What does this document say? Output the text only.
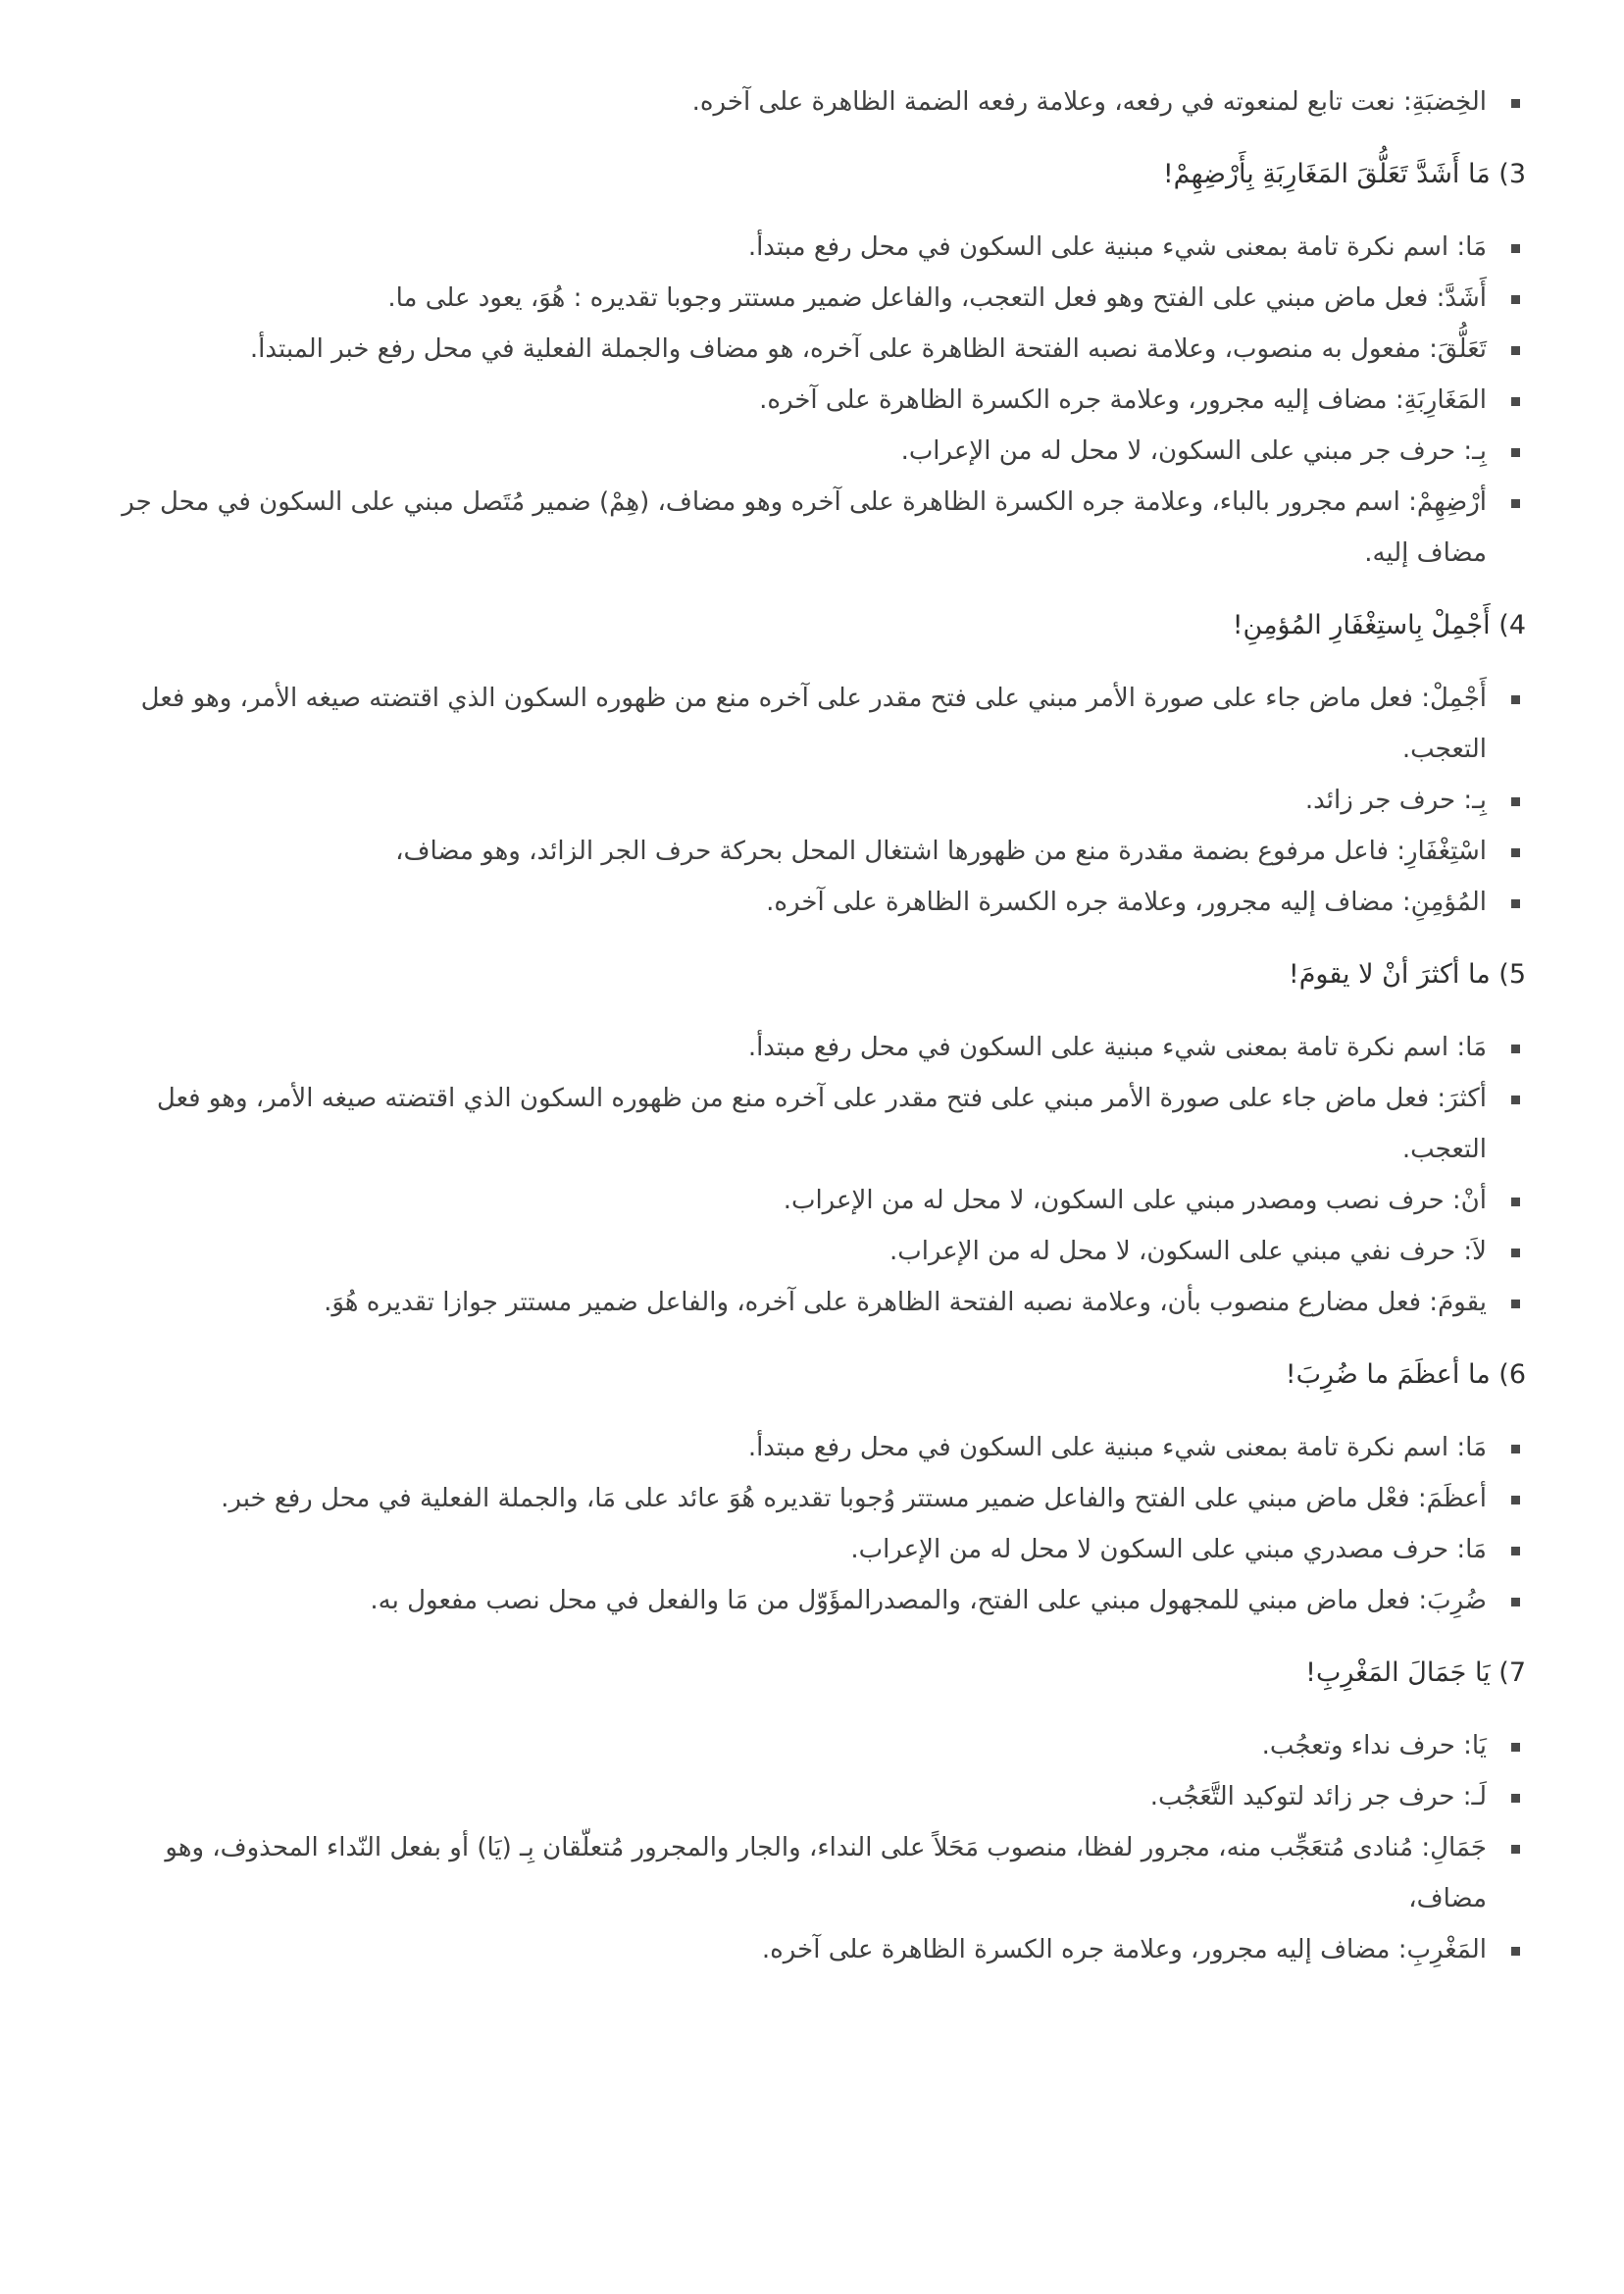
الخِضبَةِ: نعت تابع لمنعوته في رفعه، وعلامة رفعه الضمة الظاهرة على آخره.
3) مَا أَشَدَّ تَعَلُّقَ المَغَارِبَةِ بِأَرْضِهِمْ!
مَا: اسم نكرة تامة بمعنى شيء مبنية على السكون في محل رفع مبتدأ.
أَشَدَّ: فعل ماض مبني على الفتح وهو فعل التعجب، والفاعل ضمير مستتر وجوبا تقديره : هُوَ، يعود على ما.
تَعَلُّقَ: مفعول به منصوب، وعلامة نصبه الفتحة الظاهرة على آخره، هو مضاف والجملة الفعلية في محل رفع خبر المبتدأ.
المَغَارِبَةِ: مضاف إليه مجرور، وعلامة جره الكسرة الظاهرة على آخره.
بِـ: حرف جر مبني على السكون، لا محل له من الإعراب.
أرْضِهِمْ: اسم مجرور بالباء، وعلامة جره الكسرة الظاهرة على آخره وهو مضاف، (هِمْ) ضمير مُتَصل مبني على السكون في محل جر مضاف إليه.
4) أَجْمِلْ بِاستِغْفَارِ المُؤمِنِ!
أَجْمِلْ: فعل ماض جاء على صورة الأمر مبني على فتح مقدر على آخره منع من ظهوره السكون الذي اقتضته صيغه الأمر، وهو فعل التعجب.
بِـ: حرف جر زائد.
اسْتِغْفَارِ: فاعل مرفوع بضمة مقدرة منع من ظهورها اشتغال المحل بحركة حرف الجر الزائد، وهو مضاف،
المُؤمِنِ: مضاف إليه مجرور، وعلامة جره الكسرة الظاهرة على آخره.
5) ما أكثرَ أنْ لا يقومَ!
مَا: اسم نكرة تامة بمعنى شيء مبنية على السكون في محل رفع مبتدأ.
أكثرَ: فعل ماض جاء على صورة الأمر مبني على فتح مقدر على آخره منع من ظهوره السكون الذي اقتضته صيغه الأمر، وهو فعل التعجب.
أنْ: حرف نصب ومصدر مبني على السكون، لا محل له من الإعراب.
لاَ: حرف نفي مبني على السكون، لا محل له من الإعراب.
يقومَ: فعل مضارع منصوب بأن، وعلامة نصبه الفتحة الظاهرة على آخره، والفاعل ضمير مستتر جوازا تقديره هُوَ.
6) ما أعظَمَ ما ضُرِبَ!
مَا: اسم نكرة تامة بمعنى شيء مبنية على السكون في محل رفع مبتدأ.
أعظَمَ: فعْل ماض مبني على الفتح والفاعل ضمير مستتر وُجوبا تقديره هُوَ عائد على مَا، والجملة الفعلية في محل رفع خبر.
مَا: حرف مصدري مبني على السكون لا محل له من الإعراب.
ضُرِبَ: فعل ماض مبني للمجهول مبني على الفتح، والمصدرالمؤَوّل من مَا والفعل في محل نصب مفعول به.
7) يَا جَمَالَ المَغْرِبِ!
يَا: حرف نداء وتعجُب.
لَـ: حرف جر زائد لتوكيد التَّعَجُب.
جَمَالِ: مُنادى مُتعَجِّب منه، مجرور لفظا، منصوب مَحَلاً على النداء، والجار والمجرور مُتعلّقان بِـ (يَا) أو بفعل النّداء المحذوف، وهو مضاف،
المَغْرِبِ: مضاف إليه مجرور، وعلامة جره الكسرة الظاهرة على آخره.
